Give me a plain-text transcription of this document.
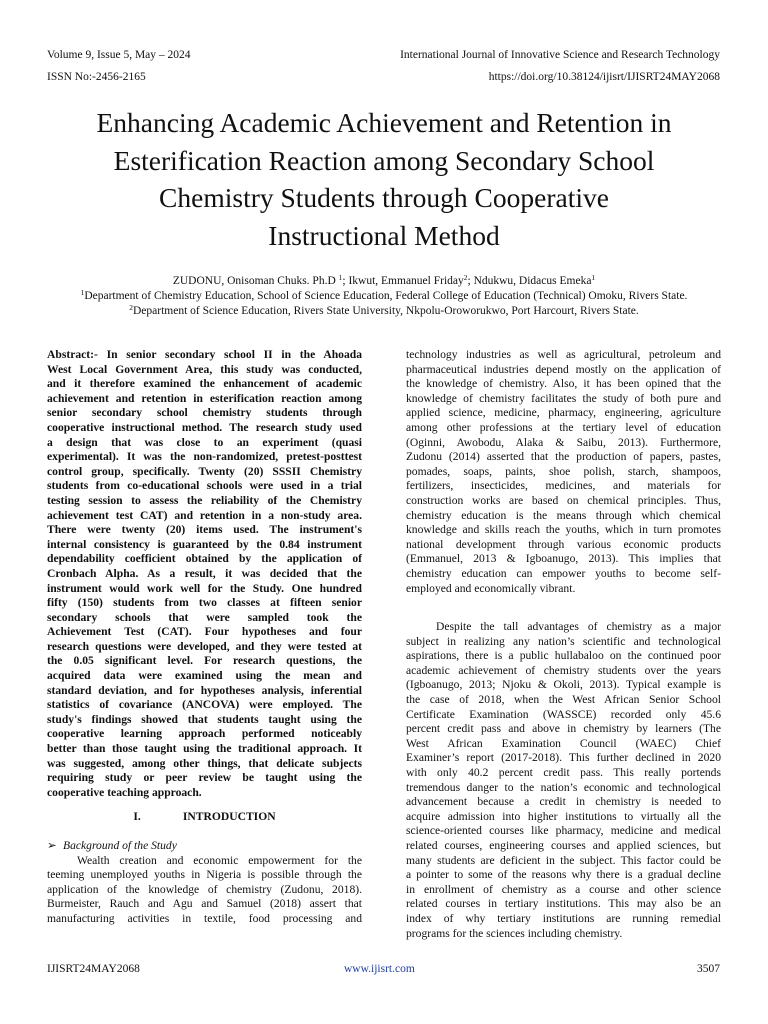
Volume 9, Issue 5, May – 2024
ISSN No:-2456-2165
International Journal of Innovative Science and Research Technology
https://doi.org/10.38124/ijisrt/IJISRT24MAY2068
Enhancing Academic Achievement and Retention in
Esterification Reaction among Secondary School
Chemistry Students through Cooperative
Instructional Method
ZUDONU, Onisoman Chuks. Ph.D $^1$; Ikwut, Emmanuel Friday$^2$; Ndukwu, Didacus Emeka$^1$
$^1$Department of Chemistry Education, School of Science Education, Federal College of Education (Technical) Omoku, Rivers State.
$^2$Department of Science Education, Rivers State University, Nkpolu-Oroworukwo, Port Harcourt, Rivers State.
Abstract:- In senior secondary school II in the Ahoada
West Local Government Area, this study was conducted,
and it therefore examined the enhancement of academic
achievement and retention in esterification reaction among
senior secondary school chemistry students through
cooperative instructional method. The research study used
a design that was close to an experiment (quasi
experimental). It was the non-randomized, pretest-posttest
control group, specifically. Twenty (20) SSSII Chemistry
students from co-educational schools were used in a trial
testing session to assess the reliability of the Chemistry
achievement test CAT) and retention in a non-study area.
There were twenty (20) items used. The instrument's
internal consistency is guaranteed by the 0.84 instrument
dependability coefficient obtained by the application of
Cronbach Alpha. As a result, it was decided that the
instrument would work well for the Study. One hundred
fifty (150) students from two classes at fifteen senior
secondary schools that were sampled took the
Achievement Test (CAT). Four hypotheses and four
research questions were developed, and they were tested at
the 0.05 significant level. For research questions, the
acquired data were examined using the mean and
standard deviation, and for hypotheses analysis, inferential
statistics of covariance (ANCOVA) were employed. The
study's findings showed that students taught using the
cooperative learning approach performed noticeably
better than those taught using the traditional approach. It
was suggested, among other things, that delicate subjects
requiring study or peer review be taught using the
cooperative teaching approach.
I.	INTRODUCTION
➢ Background of the Study
Wealth creation and economic empowerment for the
teeming unemployed youths in Nigeria is possible through the
application of the knowledge of chemistry (Zudonu, 2018).
Burmeister, Rauch and Agu and Samuel (2018) assert that
manufacturing activities in textile, food processing and
technology industries as well as agricultural, petroleum and
pharmaceutical industries depend mostly on the application of
the knowledge of chemistry. Also, it has been opined that the
knowledge of chemistry facilitates the study of both pure and
applied science, medicine, pharmacy, engineering, agriculture
among other professions at the tertiary level of education
(Oginni, Awobodu, Alaka & Saibu, 2013). Furthermore,
Zudonu (2014) asserted that the production of papers, pastes,
pomades, soaps, paints, shoe polish, starch, shampoos,
fertilizers, insecticides, medicines, and materials for
construction works are based on chemical principles. Thus,
chemistry education is the means through which chemical
knowledge and skills reach the youths, which in turn promotes
national development through various economic products
(Emmanuel, 2013 & Igboanugo, 2013). This implies that
chemistry education can empower youths to become self-
employed and economically vibrant.
Despite the tall advantages of chemistry as a major
subject in realizing any nation’s scientific and technological
aspirations, there is a public hullabaloo on the continued poor
academic achievement of chemistry students over the years
(Igboanugo, 2013; Njoku & Okoli, 2013). Typical example is
the case of 2018, when the West African Senior School
Certificate Examination (WASSCE) recorded only 45.6
percent credit pass and above in chemistry by learners (The
West African Examination Council (WAEC) Chief
Examiner’s report (2017-2018). This further declined in 2020
with only 40.2 percent credit pass. This really portends
tremendous danger to the nation’s economic and technological
advancement because a credit in chemistry is needed to
acquire admission into higher institutions to virtually all the
science-oriented courses like pharmacy, medicine and medical
related courses, engineering courses and applied sciences, but
many students are deficient in the subject. This factor could be
a pointer to some of the reasons why there is a gradual decline
in enrollment of chemistry as a course and other science
related courses in tertiary institutions. This may also be an
index of why tertiary institutions are running remedial
programs for the sciences including chemistry.
IJISRT24MAY2068	www.ijisrt.com	3507
